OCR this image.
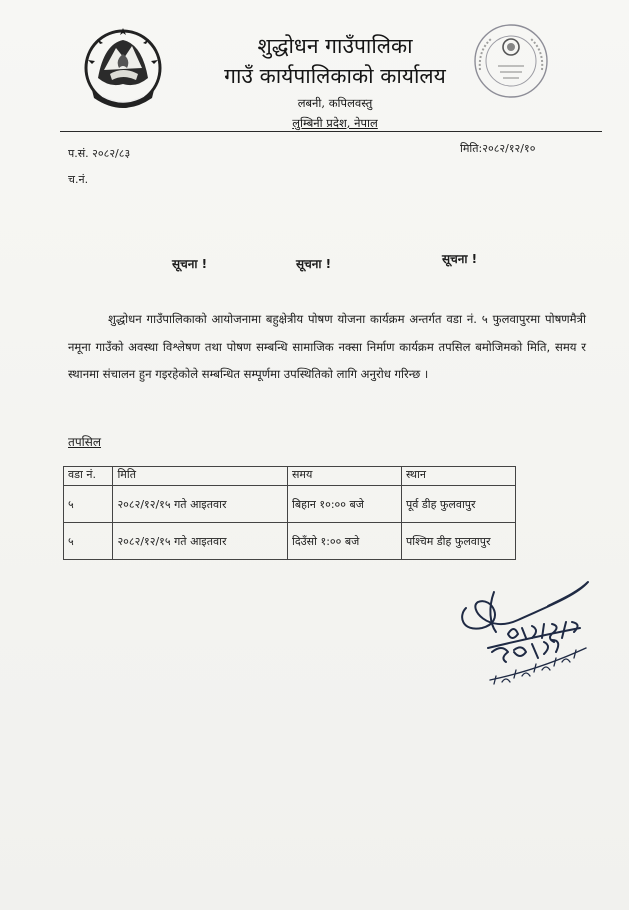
शुद्धोधन गाउँपालिका
गाउँ कार्यपालिकाको कार्यालय
लबनी, कपिलवस्तु
लुम्बिनी प्रदेश, नेपाल
प.सं. २०८२/८३
च.नं.
मिति:२०८२/१२/१०
सूचना !	सूचना !	सूचना !
शुद्धोधन गाउँपालिकाको आयोजनामा बहुक्षेत्रीय पोषण योजना कार्यक्रम अन्तर्गत वडा नं. ५ फुलवापुरमा पोषणमैत्री नमूना गाउँको अवस्था विश्लेषण तथा पोषण सम्बन्धि सामाजिक नक्सा निर्माण कार्यक्रम तपसिल बमोजिमको मिति, समय र स्थानमा संचालन हुन गइरहेकोले सम्बन्धित सम्पूर्णमा उपस्थितिको लागि अनुरोध गरिन्छ ।
तपसिल
वडा नं.	मिति	समय	स्थान
५	२०८२/१२/१५ गते आइतवार	बिहान १०:०० बजे	पूर्व डीह फुलवापुर
५	२०८२/१२/१५ गते आइतवार	दिउँसो १:०० बजे	पश्चिम डीह फुलवापुर
